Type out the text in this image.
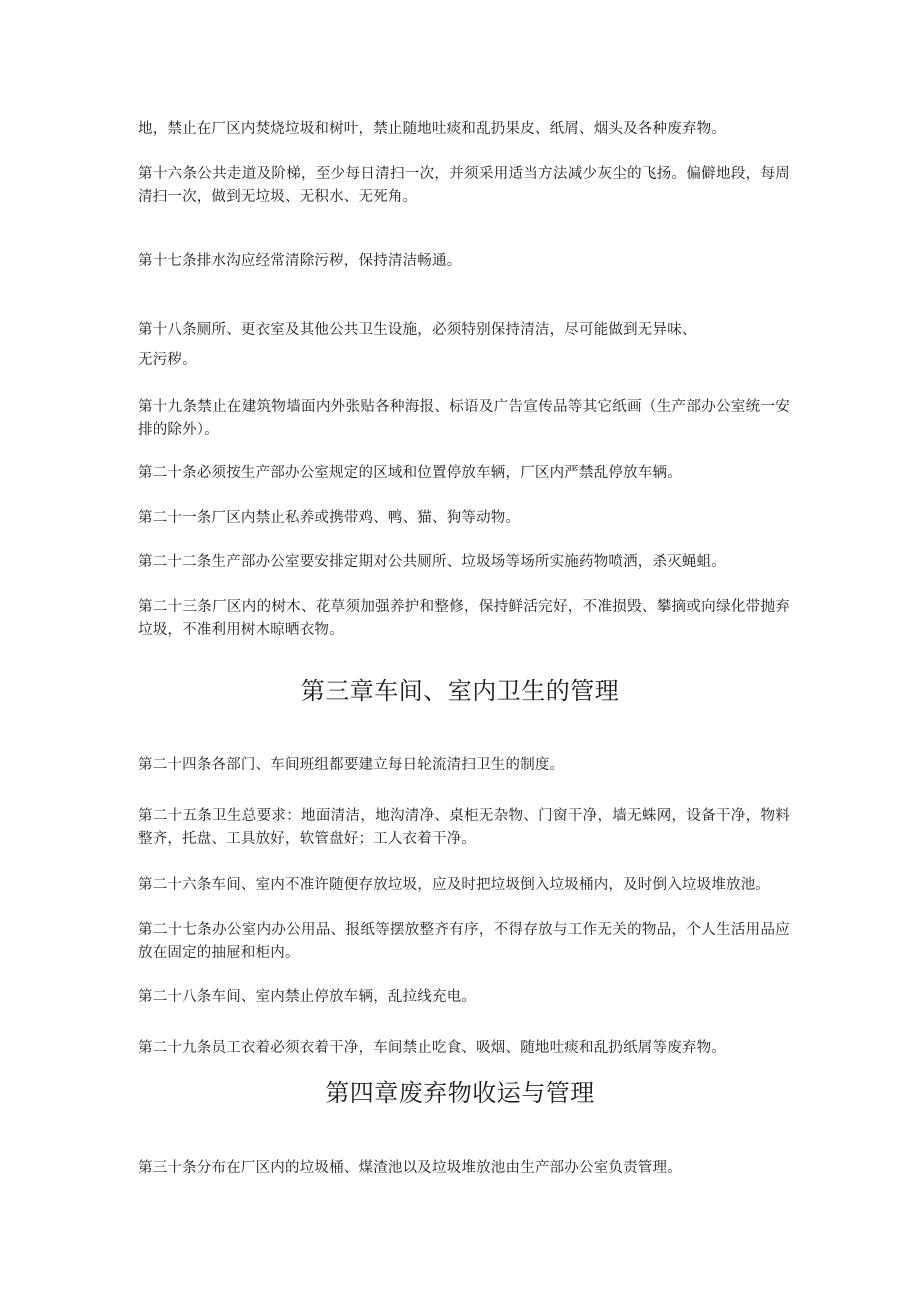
地，禁止在厂区内焚烧垃圾和树叶，禁止随地吐痰和乱扔果皮、纸屑、烟头及各种废弃物。

第十六条公共走道及阶梯，至少每日清扫一次，并须采用适当方法减少灰尘的飞扬。偏僻地段，每周清扫一次，做到无垃圾、无积水、无死角。

第十七条排水沟应经常清除污秽，保持清洁畅通。

第十八条厕所、更衣室及其他公共卫生设施，必须特别保持清洁，尽可能做到无异味、

无污秽。

第十九条禁止在建筑物墙面内外张贴各种海报、标语及广告宣传品等其它纸画（生产部办公室统一安排的除外）。

第二十条必须按生产部办公室规定的区域和位置停放车辆，厂区内严禁乱停放车辆。

第二十一条厂区内禁止私养或携带鸡、鸭、猫、狗等动物。

第二十二条生产部办公室要安排定期对公共厕所、垃圾场等场所实施药物喷洒，杀灭蝇蛆。

第二十三条厂区内的树木、花草须加强养护和整修，保持鲜活完好，不准损毁、攀摘或向绿化带抛弃垃圾，不准利用树木晾晒衣物。

第三章车间、室内卫生的管理

第二十四条各部门、车间班组都要建立每日轮流清扫卫生的制度。

第二十五条卫生总要求：地面清洁，地沟清净、桌柜无杂物、门窗干净，墙无蛛网，设备干净，物料整齐，托盘、工具放好，软管盘好；工人衣着干净。

第二十六条车间、室内不准许随便存放垃圾，应及时把垃圾倒入垃圾桶内，及时倒入垃圾堆放池。

第二十七条办公室内办公用品、报纸等摆放整齐有序，不得存放与工作无关的物品，个人生活用品应放在固定的抽屉和柜内。

第二十八条车间、室内禁止停放车辆，乱拉线充电。

第二十九条员工衣着必须衣着干净，车间禁止吃食、吸烟、随地吐痰和乱扔纸屑等废弃物。

第四章废弃物收运与管理

第三十条分布在厂区内的垃圾桶、煤渣池以及垃圾堆放池由生产部办公室负责管理。
